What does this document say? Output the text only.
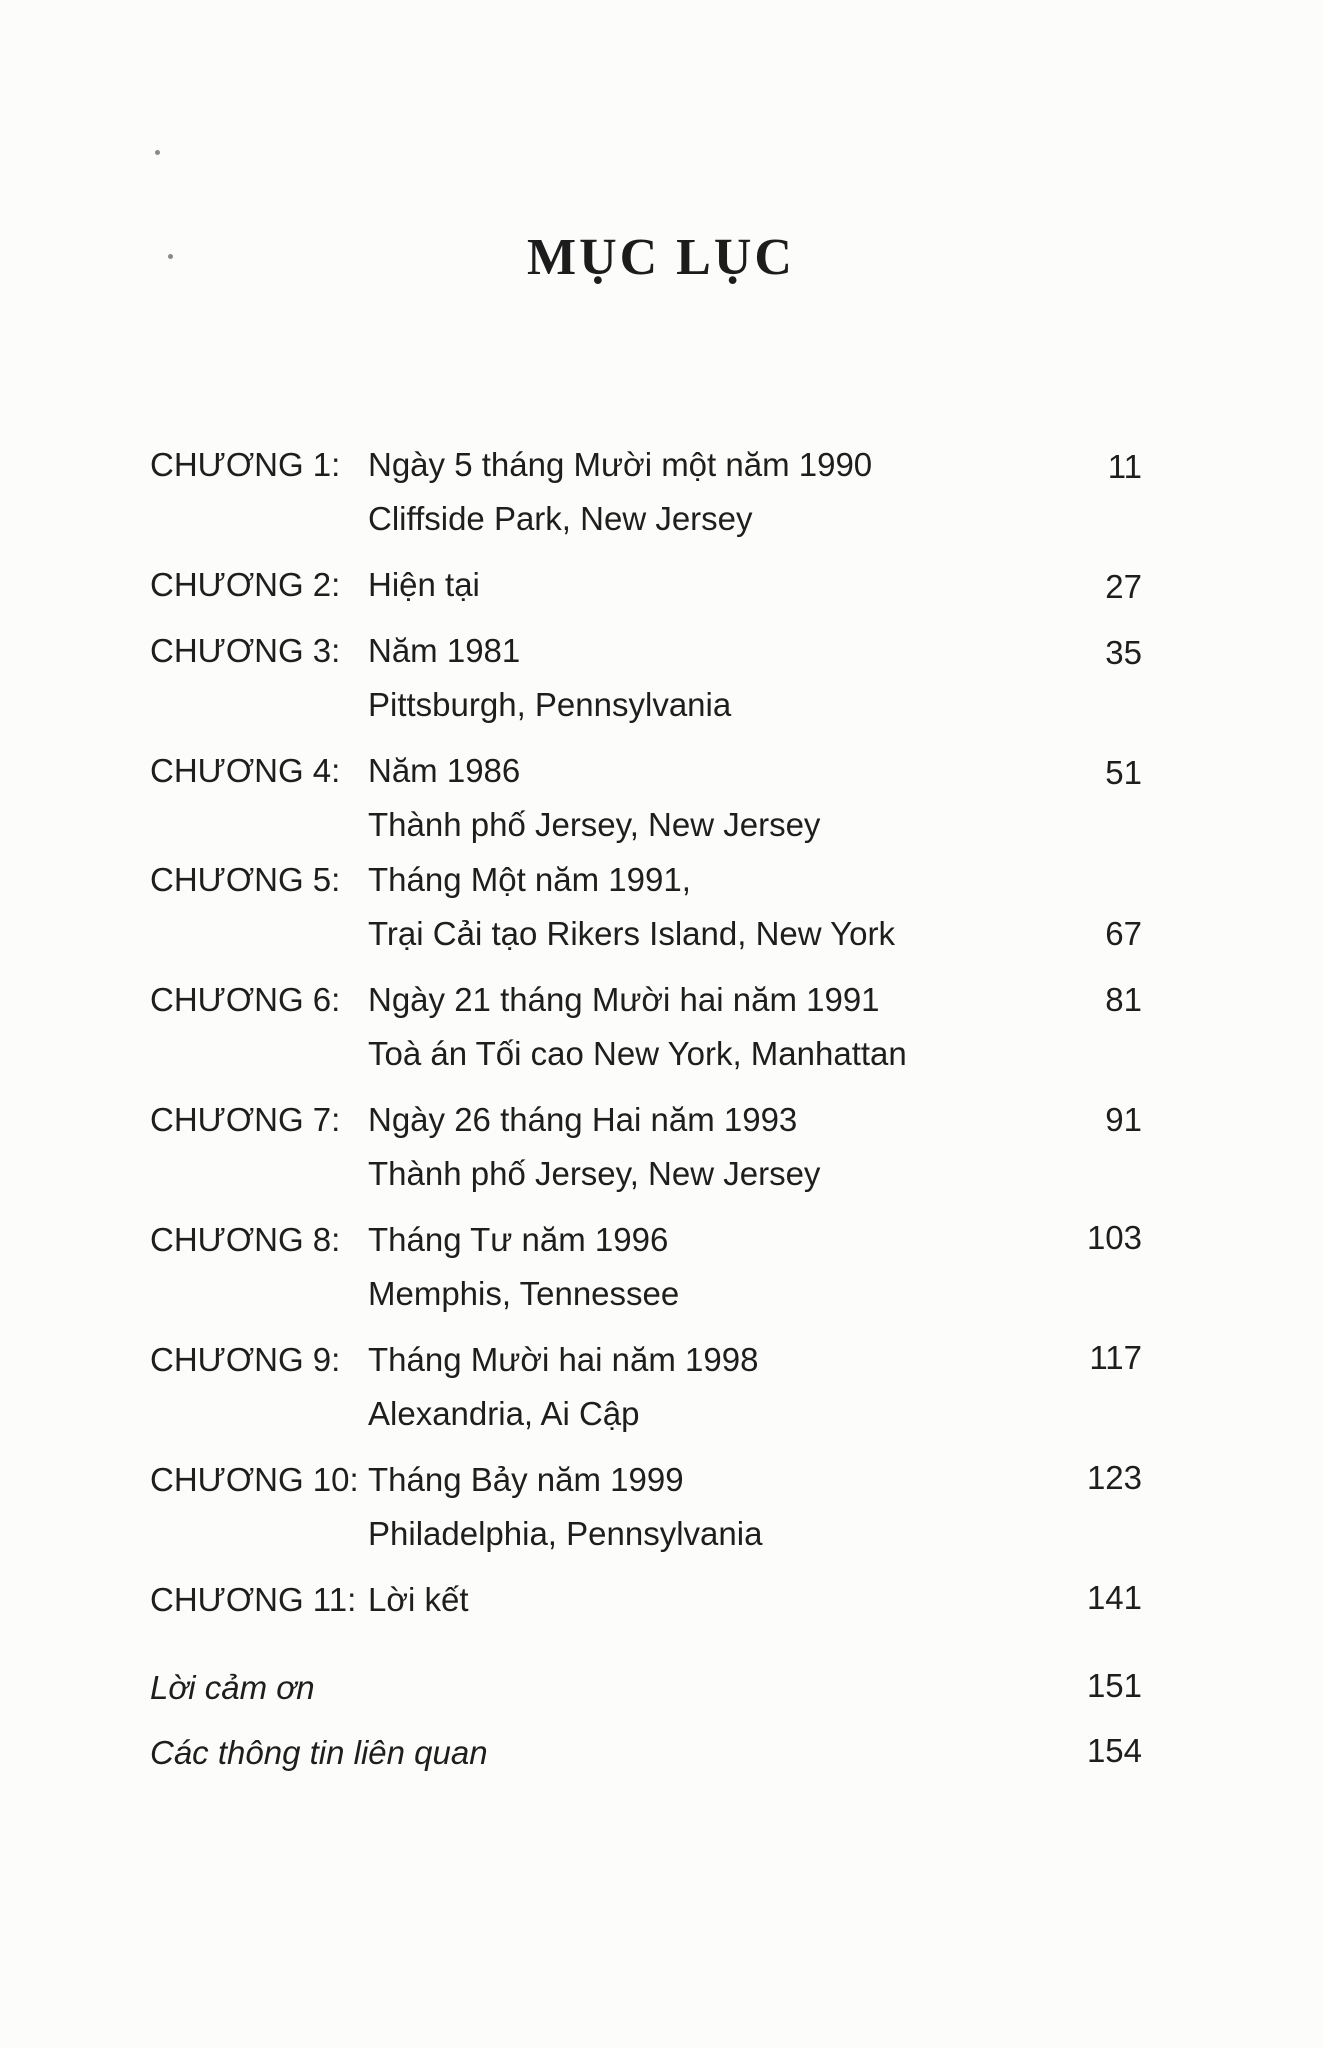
MỤC LỤC
CHƯƠNG 1: Ngày 5 tháng Mười một năm 1990	11
Cliffside Park, New Jersey
CHƯƠNG 2: Hiện tại	27
CHƯƠNG 3: Năm 1981	35
Pittsburgh, Pennsylvania
CHƯƠNG 4: Năm 1986	51
Thành phố Jersey, New Jersey
CHƯƠNG 5: Tháng Một năm 1991,
Trại Cải tạo Rikers Island, New York	67
CHƯƠNG 6: Ngày 21 tháng Mười hai năm 1991	81
Toà án Tối cao New York, Manhattan
CHƯƠNG 7: Ngày 26 tháng Hai năm 1993	91
Thành phố Jersey, New Jersey
CHƯƠNG 8: Tháng Tư năm 1996	103
Memphis, Tennessee
CHƯƠNG 9: Tháng Mười hai năm 1998	117
Alexandria, Ai Cập
CHƯƠNG 10: Tháng Bảy năm 1999	123
Philadelphia, Pennsylvania
CHƯƠNG 11: Lời kết	141
Lời cảm ơn	151
Các thông tin liên quan	154
